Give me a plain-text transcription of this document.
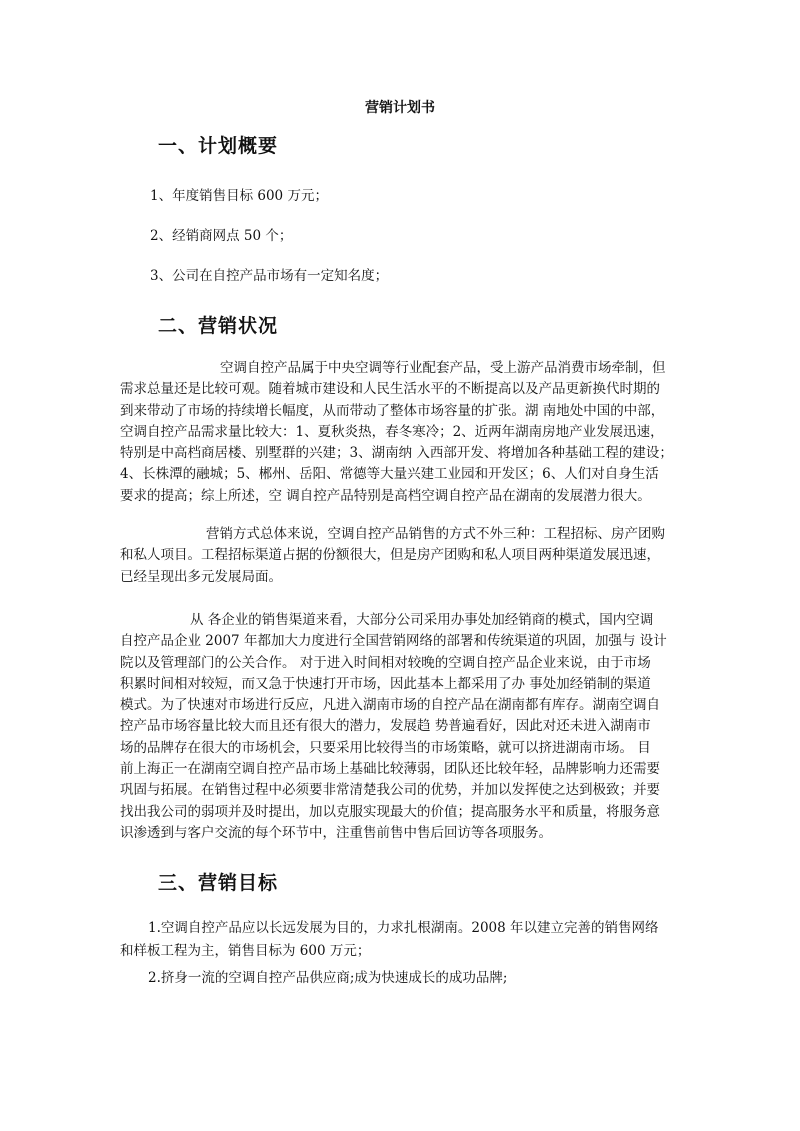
营销计划书
一、计划概要
1、年度销售目标 600 万元；
2、经销商网点 50 个；
3、公司在自控产品市场有一定知名度；
二、营销状况
空调自控产品属于中央空调等行业配套产品，受上游产品消费市场牵制，但
需求总量还是比较可观。随着城市建设和人民生活水平的不断提高以及产品更新换代时期的
到来带动了市场的持续增长幅度，从而带动了整体市场容量的扩张。湖 南地处中国的中部，
空调自控产品需求量比较大：1、夏秋炎热，春冬寒冷；2、近两年湖南房地产业发展迅速，
特别是中高档商居楼、别墅群的兴建；3、湖南纳 入西部开发、将增加各种基础工程的建设；
4、长株潭的融城；5、郴州、岳阳、常德等大量兴建工业园和开发区；6、人们对自身生活
要求的提高；综上所述，空 调自控产品特别是高档空调自控产品在湖南的发展潜力很大。
营销方式总体来说，空调自控产品销售的方式不外三种：工程招标、房产团购
和私人项目。工程招标渠道占据的份额很大，但是房产团购和私人项目两种渠道发展迅速，
已经呈现出多元发展局面。
从 各企业的销售渠道来看，大部分公司采用办事处加经销商的模式，国内空调
自控产品企业 2007 年都加大力度进行全国营销网络的部署和传统渠道的巩固，加强与 设计
院以及管理部门的公关合作。 对于进入时间相对较晚的空调自控产品企业来说，由于市场
积累时间相对较短，而又急于快速打开市场，因此基本上都采用了办 事处加经销制的渠道
模式。为了快速对市场进行反应，凡进入湖南市场的自控产品在湖南都有库存。湖南空调自
控产品市场容量比较大而且还有很大的潜力，发展趋 势普遍看好，因此对还未进入湖南市
场的品牌存在很大的市场机会，只要采用比较得当的市场策略，就可以挤进湖南市场。 目
前上海正一在湖南空调自控产品市场上基础比较薄弱，团队还比较年轻，品牌影响力还需要
巩固与拓展。在销售过程中必须要非常清楚我公司的优势，并加以发挥使之达到极致；并要
找出我公司的弱项并及时提出，加以克服实现最大的价值；提高服务水平和质量，将服务意
识渗透到与客户交流的每个环节中，注重售前售中售后回访等各项服务。
三、营销目标
1.空调自控产品应以长远发展为目的，力求扎根湖南。2008 年以建立完善的销售网络
和样板工程为主，销售目标为 600 万元；
2.挤身一流的空调自控产品供应商;成为快速成长的成功品牌;
